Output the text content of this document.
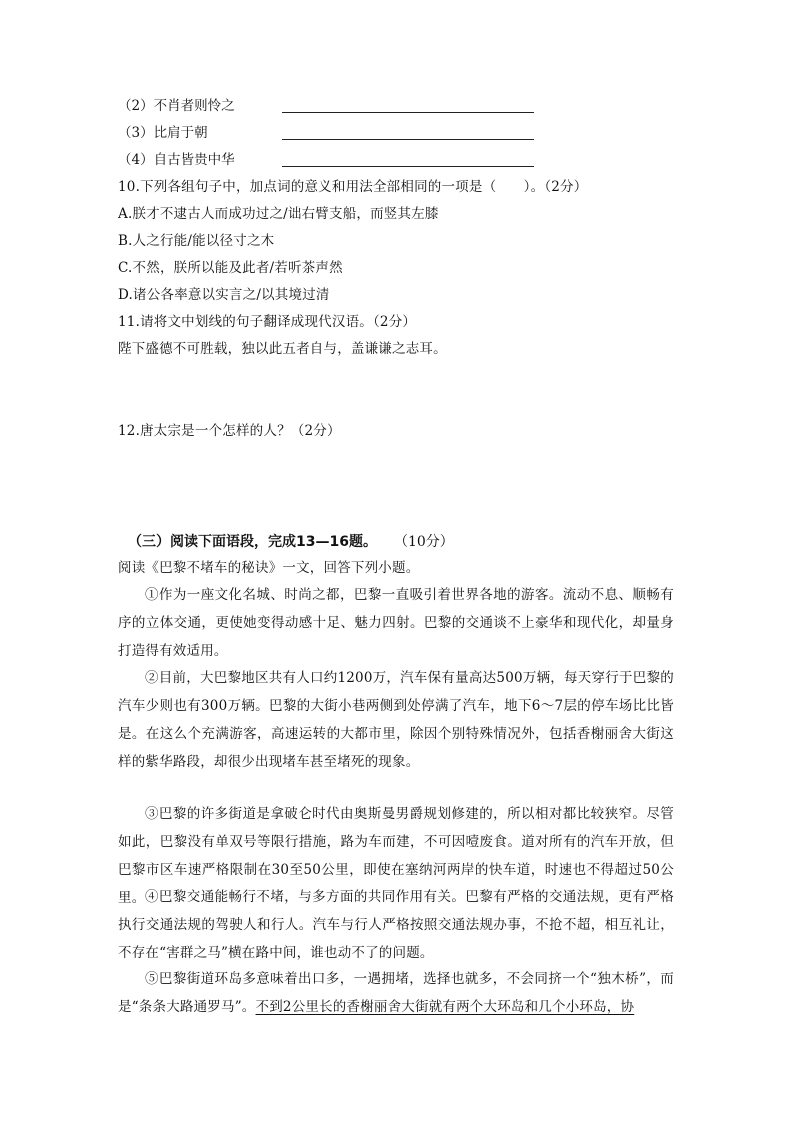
（2）不肖者则怜之
（3）比肩于朝
（4）自古皆贵中华
10.下列各组句子中，加点词的意义和用法全部相同的一项是（　　）。（2分）
A.朕才不逮古人而成功过之/诎右臂支船，而竖其左膝
B.人之行能/能以径寸之木
C.不然，朕所以能及此者/若听茶声然
D.诸公各率意以实言之/以其境过清
11.请将文中划线的句子翻译成现代汉语。（2分）
陛下盛德不可胜载，独以此五者自与，盖谦谦之志耳。
12.唐太宗是一个怎样的人？（2分）
（三）阅读下面语段，完成13—16题。 （10分）
阅读《巴黎不堵车的秘诀》一文，回答下列小题。
①作为一座文化名城、时尚之都，巴黎一直吸引着世界各地的游客。流动不息、顺畅有序的立体交通，更使她变得动感十足、魅力四射。巴黎的交通谈不上豪华和现代化，却量身打造得有效适用。
②目前，大巴黎地区共有人口约1200万，汽车保有量高达500万辆，每天穿行于巴黎的汽车少则也有300万辆。巴黎的大街小巷两侧到处停满了汽车，地下6～7层的停车场比比皆是。在这么个充满游客，高速运转的大都市里，除因个别特殊情况外，包括香榭丽舍大街这样的紫华路段，却很少出现堵车甚至堵死的现象。
③巴黎的许多街道是拿破仑时代由奥斯曼男爵规划修建的，所以相对都比较狭窄。尽管如此，巴黎没有单双号等限行措施，路为车而建，不可因噎废食。道对所有的汽车开放，但巴黎市区车速严格限制在30至50公里，即使在塞纳河两岸的快车道，时速也不得超过50公里。 ④巴黎交通能畅行不堵，与多方面的共同作用有关。巴黎有严格的交通法规，更有严格执行交通法规的驾驶人和行人。汽车与行人严格按照交通法规办事，不抢不超，相互礼让，不存在“害群之马”横在路中间，谁也动不了的问题。
⑤巴黎街道环岛多意味着出口多，一遇拥堵，选择也就多，不会同挤一个“独木桥”，而是“条条大路通罗马”。不到2公里长的香榭丽舍大街就有两个大环岛和几个小环岛，协
